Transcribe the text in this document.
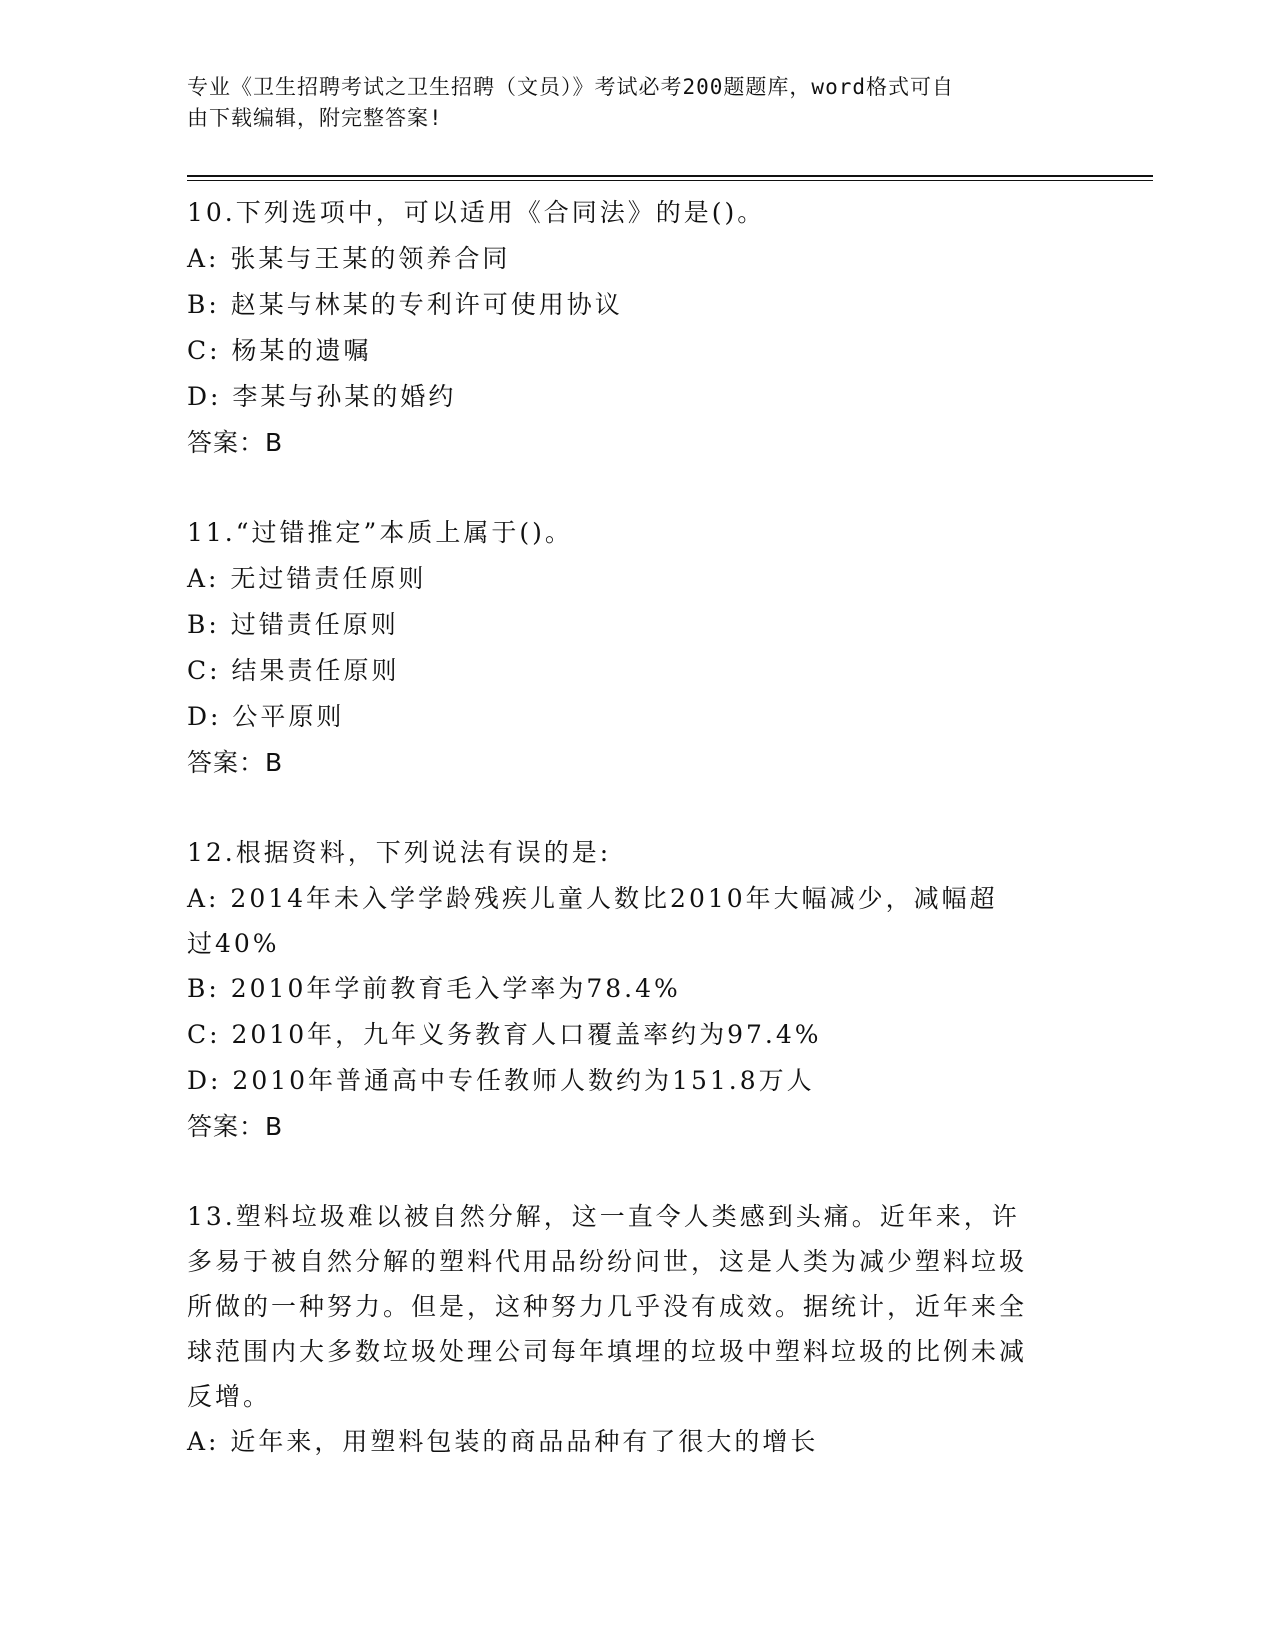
专业《卫生招聘考试之卫生招聘（文员）》考试必考200题题库，word格式可自
由下载编辑，附完整答案!
10.下列选项中，可以适用《合同法》的是()。
A: 张某与王某的领养合同
B: 赵某与林某的专利许可使用协议
C: 杨某的遗嘱
D: 李某与孙某的婚约
答案：B
11.“过错推定”本质上属于()。
A: 无过错责任原则
B: 过错责任原则
C: 结果责任原则
D: 公平原则
答案：B
12.根据资料，下列说法有误的是:
A: 2014年未入学学龄残疾儿童人数比2010年大幅减少，减幅超过40%
B: 2010年学前教育毛入学率为78.4%
C: 2010年，九年义务教育人口覆盖率约为97.4%
D: 2010年普通高中专任教师人数约为151.8万人
答案：B
13.塑料垃圾难以被自然分解，这一直令人类感到头痛。近年来，许多易于被自然分解的塑料代用品纷纷问世，这是人类为减少塑料垃圾所做的一种努力。但是，这种努力几乎没有成效。据统计，近年来全球范围内大多数垃圾处理公司每年填埋的垃圾中塑料垃圾的比例未减反增。
A: 近年来，用塑料包装的商品品种有了很大的增长
